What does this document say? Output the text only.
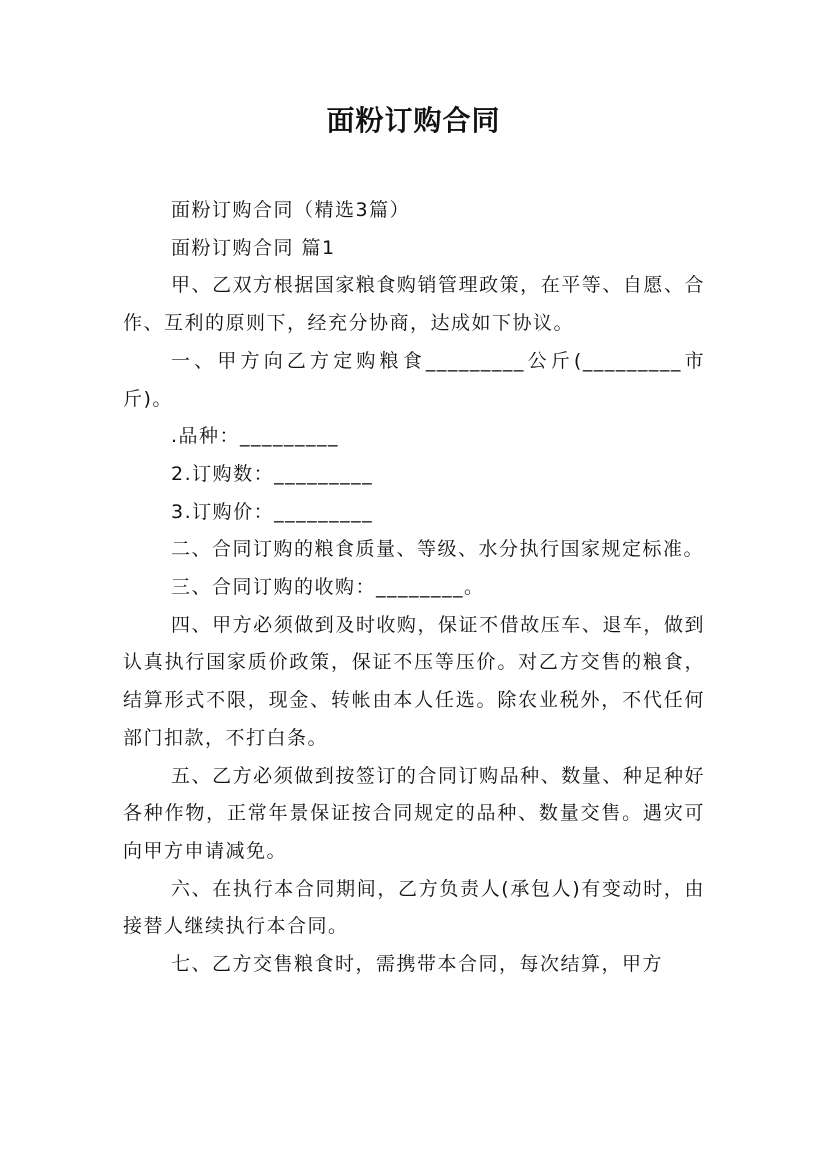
面粉订购合同

面粉订购合同（精选3篇）

面粉订购合同 篇1

甲、乙双方根据国家粮食购销管理政策，在平等、自愿、合作、互利的原则下，经充分协商，达成如下协议。

一、甲方向乙方定购粮食_________公斤(_________市斤)。

.品种：_________

2.订购数：_________

3.订购价：_________

二、合同订购的粮食质量、等级、水分执行国家规定标准。

三、合同订购的收购：________。

四、甲方必须做到及时收购，保证不借故压车、退车，做到认真执行国家质价政策，保证不压等压价。对乙方交售的粮食，结算形式不限，现金、转帐由本人任选。除农业税外，不代任何部门扣款，不打白条。

五、乙方必须做到按签订的合同订购品种、数量、种足种好各种作物，正常年景保证按合同规定的品种、数量交售。遇灾可向甲方申请减免。

六、在执行本合同期间，乙方负责人(承包人)有变动时，由接替人继续执行本合同。

七、乙方交售粮食时，需携带本合同，每次结算，甲方
